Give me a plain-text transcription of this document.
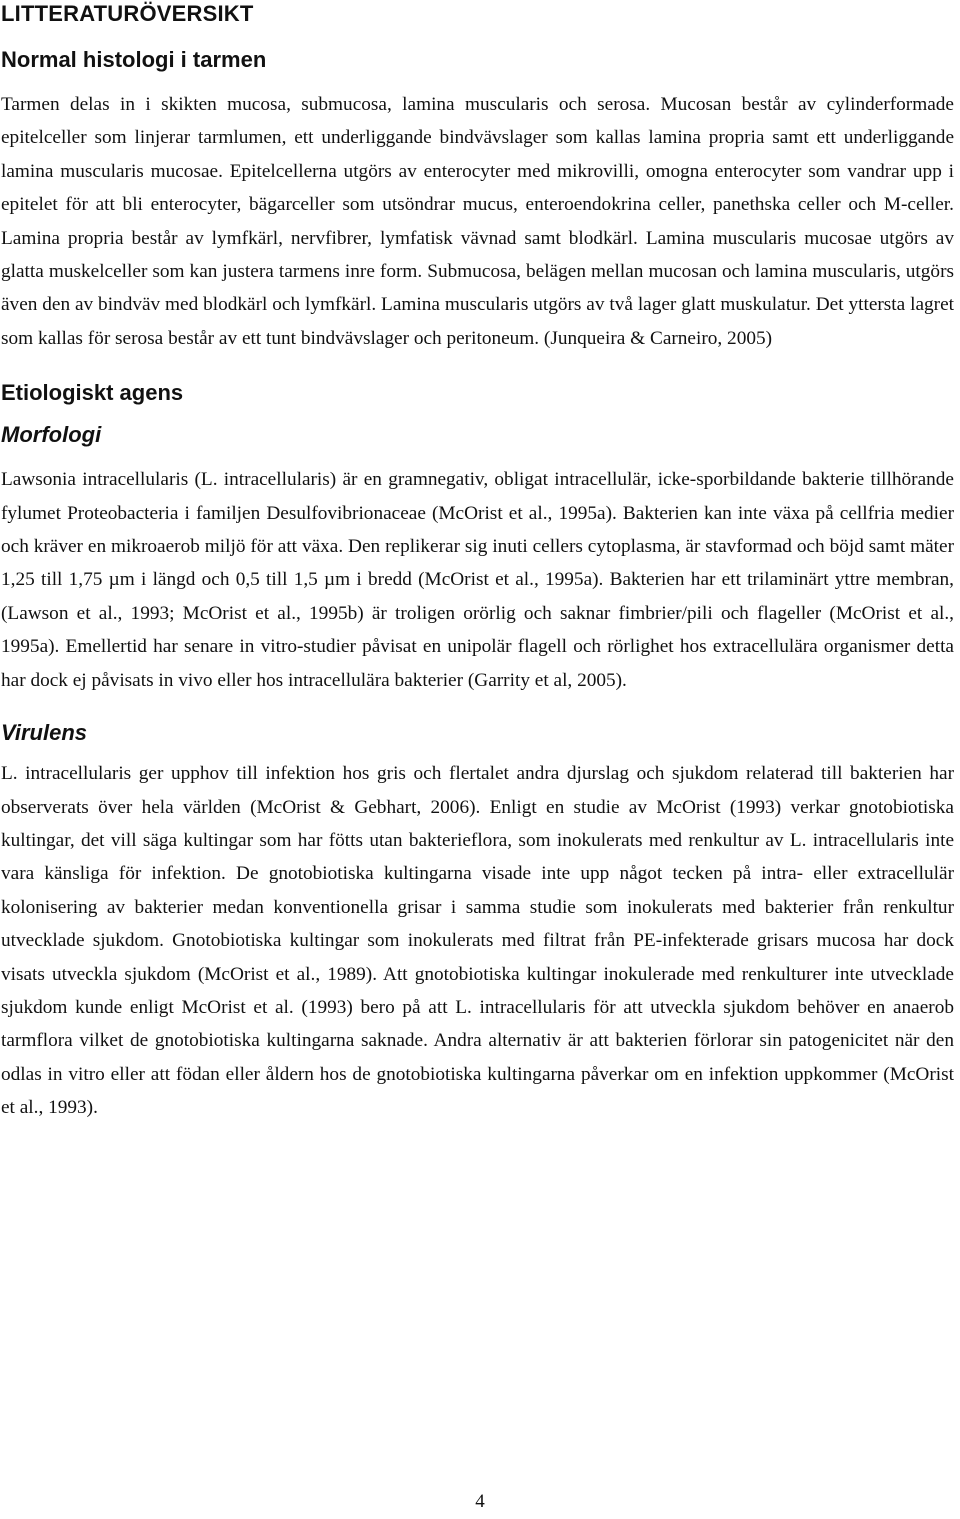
LITTERATURÖVERSIKT
Normal histologi i tarmen

Tarmen delas in i skikten mucosa, submucosa, lamina muscularis och serosa. Mucosan består av cylinderformade epitelceller som linjerar tarmlumen, ett underliggande bindvävslager som kallas lamina propria samt ett underliggande lamina muscularis mucosae. Epitelcellerna utgörs av enterocyter med mikrovilli, omogna enterocyter som vandrar upp i epitelet för att bli enterocyter, bägarceller som utsöndrar mucus, enteroendokrina celler, panethska celler och M-celler. Lamina propria består av lymfkärl, nervfibrer, lymfatisk vävnad samt blodkärl. Lamina muscularis mucosae utgörs av glatta muskelceller som kan justera tarmens inre form. Submucosa, belägen mellan mucosan och lamina muscularis, utgörs även den av bindväv med blodkärl och lymfkärl. Lamina muscularis utgörs av två lager glatt muskulatur. Det yttersta lagret som kallas för serosa består av ett tunt bindvävslager och peritoneum. (Junqueira & Carneiro, 2005)

Etiologiskt agens
Morfologi

Lawsonia intracellularis (L. intracellularis) är en gramnegativ, obligat intracellulär, icke-sporbildande bakterie tillhörande fylumet Proteobacteria i familjen Desulfovibrionaceae (McOrist et al., 1995a). Bakterien kan inte växa på cellfria medier och kräver en mikroaerob miljö för att växa. Den replikerar sig inuti cellers cytoplasma, är stavformad och böjd samt mäter 1,25 till 1,75 µm i längd och 0,5 till 1,5 µm i bredd (McOrist et al., 1995a). Bakterien har ett trilaminärt yttre membran, (Lawson et al., 1993; McOrist et al., 1995b) är troligen orörlig och saknar fimbrier/pili och flageller (McOrist et al., 1995a). Emellertid har senare in vitro-studier påvisat en unipolär flagell och rörlighet hos extracellulära organismer detta har dock ej påvisats in vivo eller hos intracellulära bakterier (Garrity et al, 2005).

Virulens

L. intracellularis ger upphov till infektion hos gris och flertalet andra djurslag och sjukdom relaterad till bakterien har observerats över hela världen (McOrist & Gebhart, 2006). Enligt en studie av McOrist (1993) verkar gnotobiotiska kultingar, det vill säga kultingar som har fötts utan bakterieflora, som inokulerats med renkultur av L. intracellularis inte vara känsliga för infektion. De gnotobiotiska kultingarna visade inte upp något tecken på intra- eller extracellulär kolonisering av bakterier medan konventionella grisar i samma studie som inokulerats med bakterier från renkultur utvecklade sjukdom. Gnotobiotiska kultingar som inokulerats med filtrat från PE-infekterade grisars mucosa har dock visats utveckla sjukdom (McOrist et al., 1989). Att gnotobiotiska kultingar inokulerade med renkulturer inte utvecklade sjukdom kunde enligt McOrist et al. (1993) bero på att L. intracellularis för att utveckla sjukdom behöver en anaerob tarmflora vilket de gnotobiotiska kultingarna saknade. Andra alternativ är att bakterien förlorar sin patogenicitet när den odlas in vitro eller att födan eller åldern hos de gnotobiotiska kultingarna påverkar om en infektion uppkommer (McOrist et al., 1993).

4
